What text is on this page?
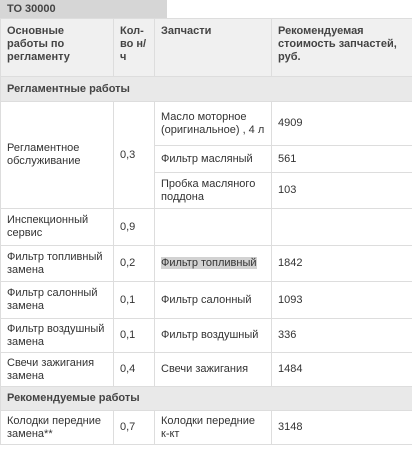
ТО 30000
Основные работы по регламенту	Кол-во н/ч	Запчасти	Рекомендуемая стоимость запчастей, руб.
Регламентные работы			
Регламентное обслуживание	0,3	Масло моторное (оригинальное) , 4 л	4909
		Фильтр масляный	561
		Пробка масляного поддона	103
Инспекционный сервис	0,9		
Фильтр топливный замена	0,2	Фильтр топливный	1842
Фильтр салонный замена	0,1	Фильтр салонный	1093
Фильтр воздушный замена	0,1	Фильтр воздушный	336
Свечи зажигания замена	0,4	Свечи зажигания	1484
Рекомендуемые работы			
Колодки передние замена**	0,7	Колодки передние к-кт	3148
